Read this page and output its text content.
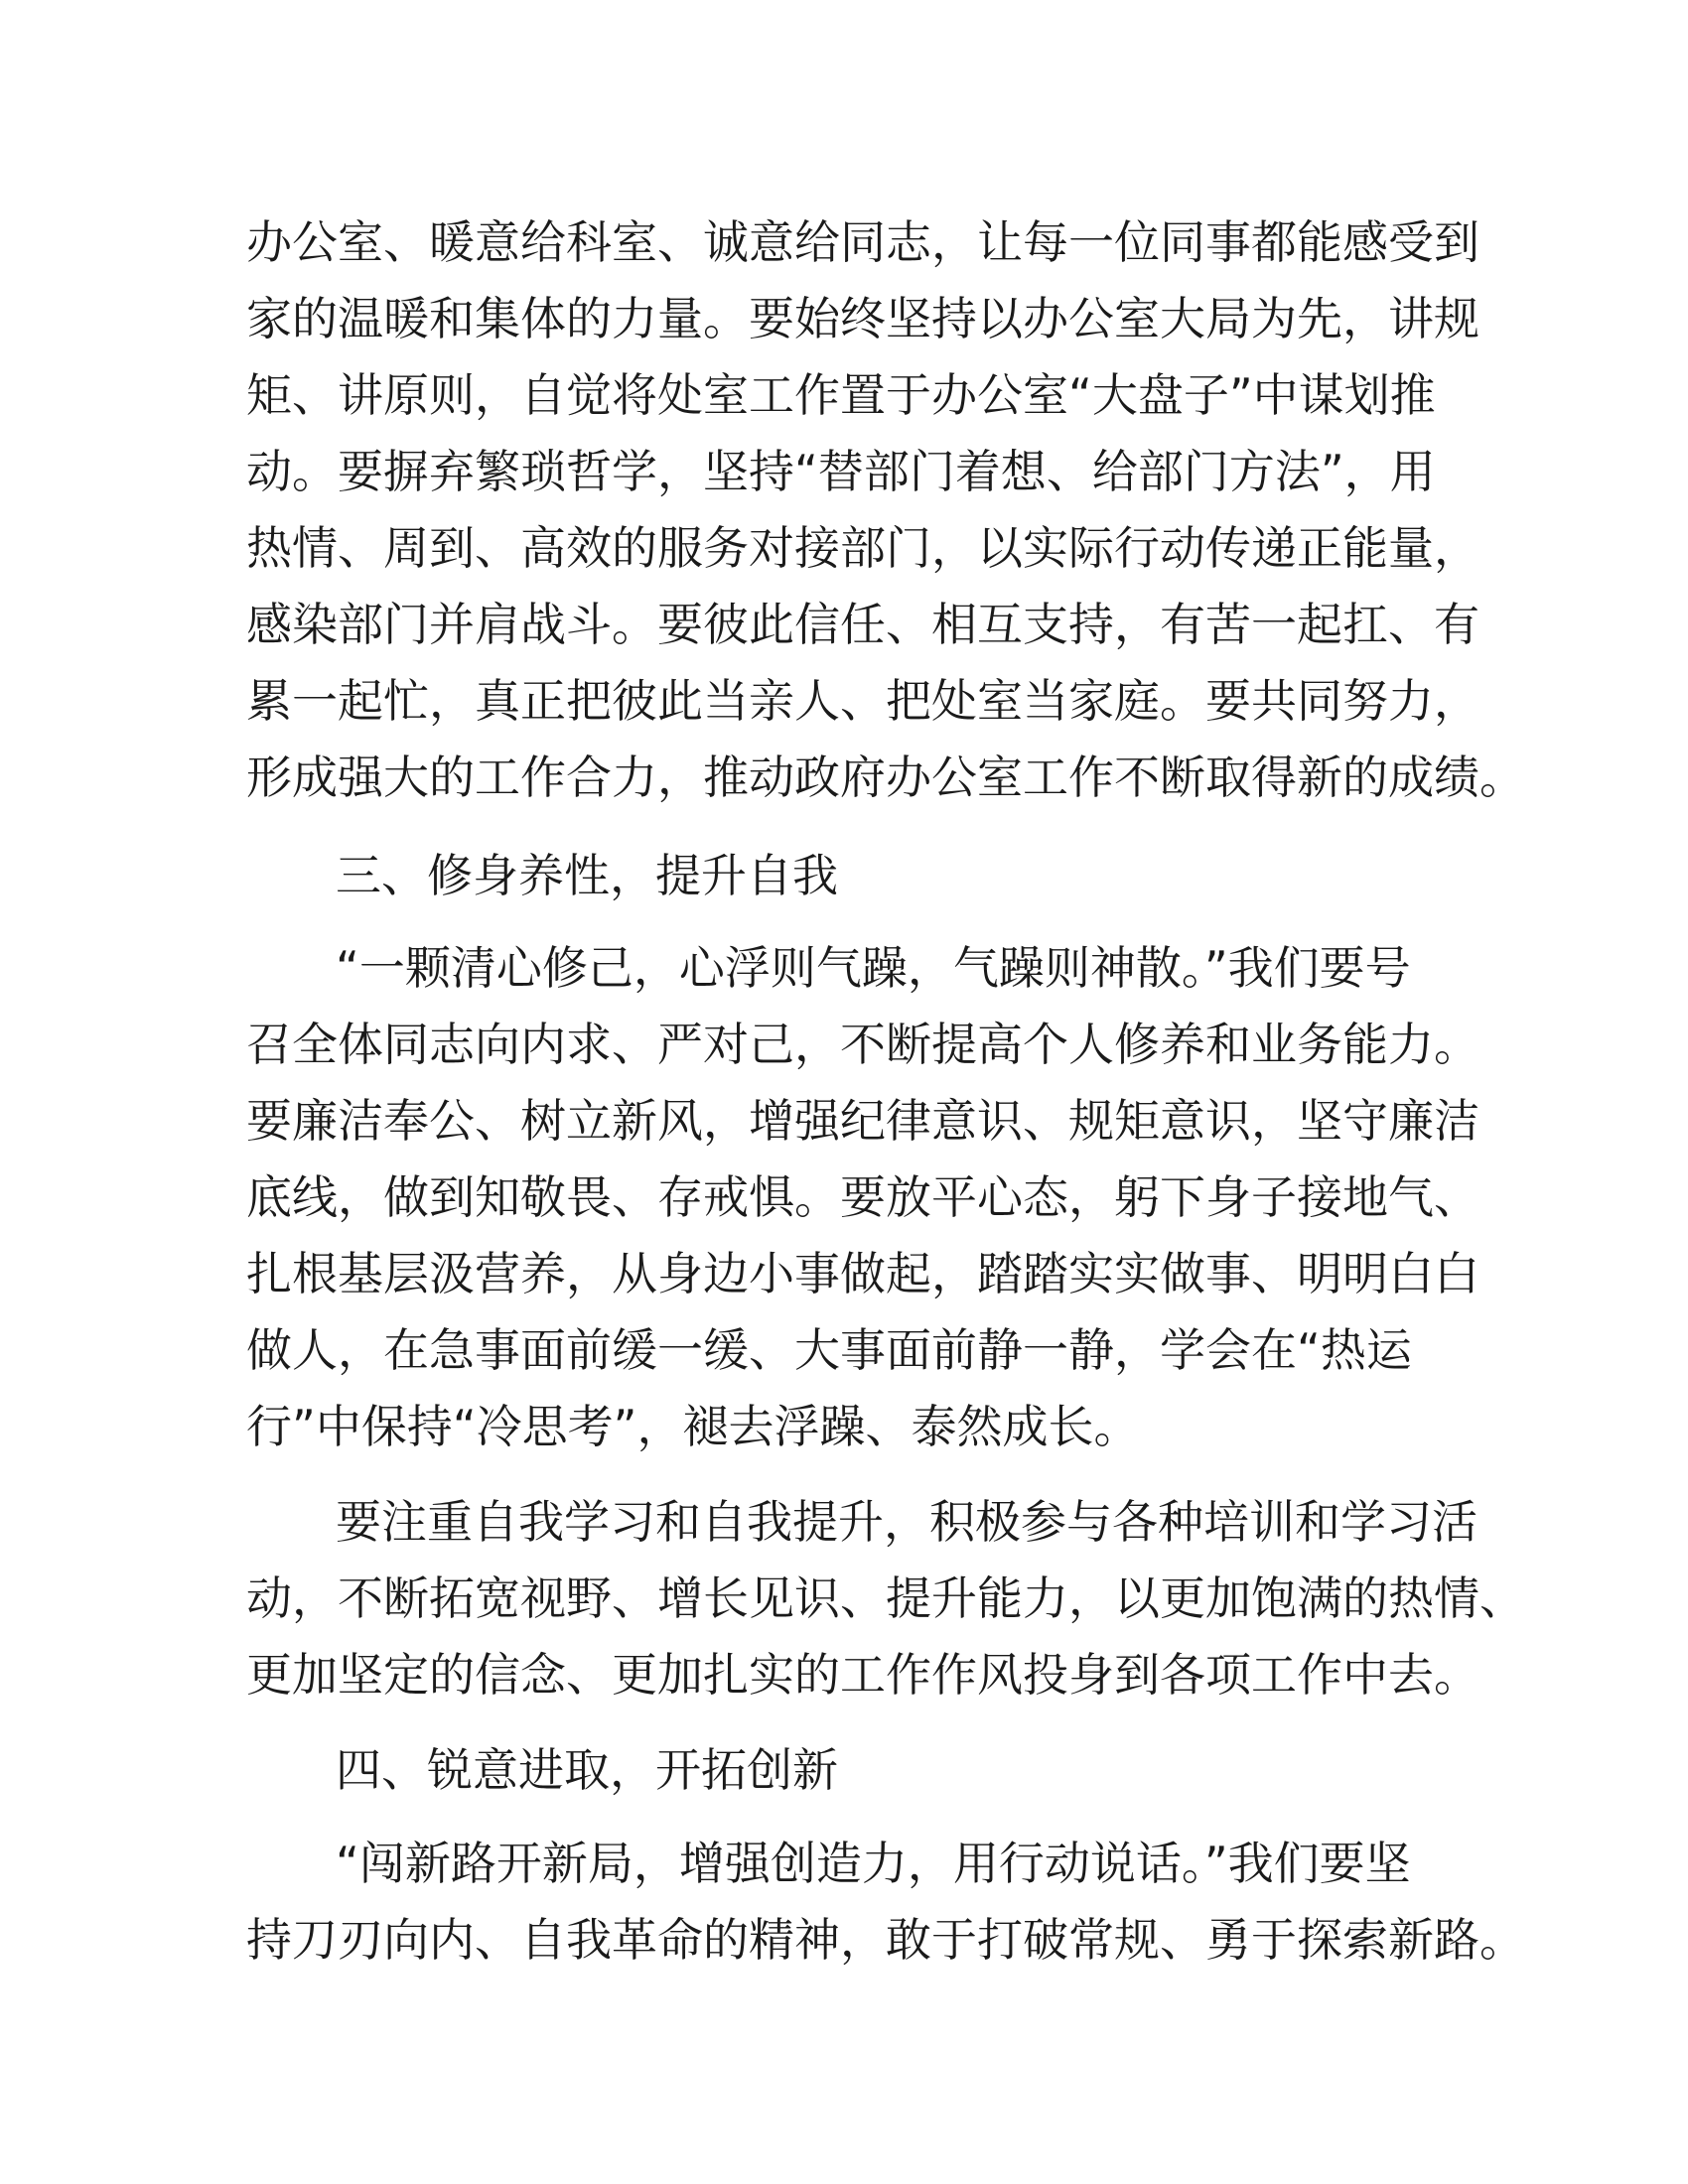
办公室、暖意给科室、诚意给同志，让每一位同事都能感受到
家的温暖和集体的力量。要始终坚持以办公室大局为先，讲规
矩、讲原则，自觉将处室工作置于办公室“大盘子”中谋划推
动。要摒弃繁琐哲学，坚持“替部门着想、给部门方法”，用
热情、周到、高效的服务对接部门，以实际行动传递正能量，
感染部门并肩战斗。要彼此信任、相互支持，有苦一起扛、有
累一起忙，真正把彼此当亲人、把处室当家庭。要共同努力，
形成强大的工作合力，推动政府办公室工作不断取得新的成绩。
三、修身养性，提升自我
“一颗清心修己，心浮则气躁，气躁则神散。”我们要号
召全体同志向内求、严对己，不断提高个人修养和业务能力。
要廉洁奉公、树立新风，增强纪律意识、规矩意识，坚守廉洁
底线，做到知敬畏、存戒惧。要放平心态，躬下身子接地气、
扎根基层汲营养，从身边小事做起，踏踏实实做事、明明白白
做人，在急事面前缓一缓、大事面前静一静，学会在“热运
行”中保持“冷思考”，褪去浮躁、泰然成长。
要注重自我学习和自我提升，积极参与各种培训和学习活
动，不断拓宽视野、增长见识、提升能力，以更加饱满的热情、
更加坚定的信念、更加扎实的工作作风投身到各项工作中去。
四、锐意进取，开拓创新
“闯新路开新局，增强创造力，用行动说话。”我们要坚
持刀刃向内、自我革命的精神，敢于打破常规、勇于探索新路。
